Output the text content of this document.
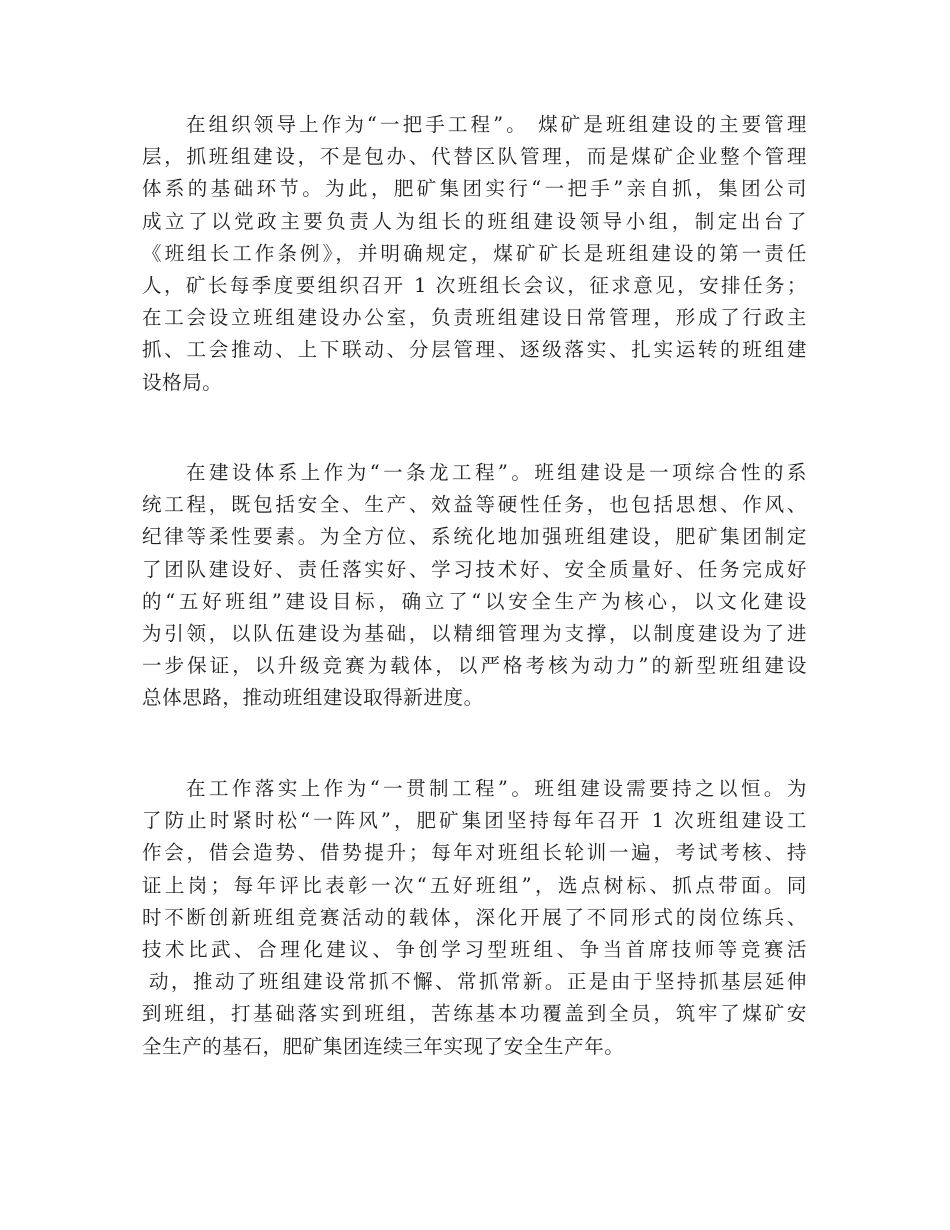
在组织领导上作为“一把手工程”。 煤矿是班组建设的主要管理
层，抓班组建设，不是包办、代替区队管理，而是煤矿企业整个管理
体系的基础环节。为此，肥矿集团实行“一把手”亲自抓，集团公司
成立了以党政主要负责人为组长的班组建设领导小组，制定出台了
《班组长工作条例》，并明确规定，煤矿矿长是班组建设的第一责任
人，矿长每季度要组织召开 1 次班组长会议，征求意见，安排任务；
在工会设立班组建设办公室，负责班组建设日常管理，形成了行政主
抓、工会推动、上下联动、分层管理、逐级落实、扎实运转的班组建
设格局。
在建设体系上作为“一条龙工程”。班组建设是一项综合性的系
统工程，既包括安全、生产、效益等硬性任务，也包括思想、作风、
纪律等柔性要素。为全方位、系统化地加强班组建设，肥矿集团制定
了团队建设好、责任落实好、学习技术好、安全质量好、任务完成好
的“五好班组”建设目标，确立了“以安全生产为核心，以文化建设
为引领，以队伍建设为基础，以精细管理为支撑，以制度建设为了进
一步保证，以升级竞赛为载体，以严格考核为动力”的新型班组建设
总体思路，推动班组建设取得新进度。
在工作落实上作为“一贯制工程”。班组建设需要持之以恒。为
了防止时紧时松“一阵风”，肥矿集团坚持每年召开 1 次班组建设工
作会，借会造势、借势提升；每年对班组长轮训一遍，考试考核、持
证上岗；每年评比表彰一次“五好班组”，选点树标、抓点带面。同
时不断创新班组竞赛活动的载体，深化开展了不同形式的岗位练兵、
技术比武、合理化建议、争创学习型班组、争当首席技师等竞赛活
动，推动了班组建设常抓不懈、常抓常新。正是由于坚持抓基层延伸
到班组，打基础落实到班组，苦练基本功覆盖到全员，筑牢了煤矿安
全生产的基石，肥矿集团连续三年实现了安全生产年。
